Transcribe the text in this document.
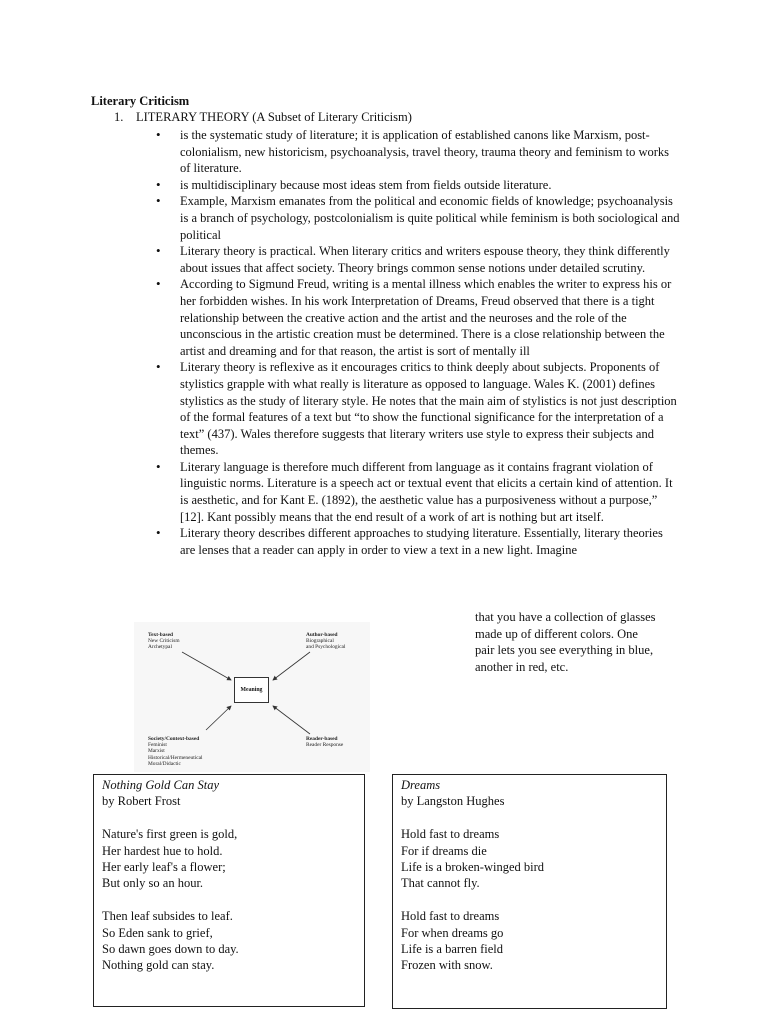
Literary Criticism
1. LITERARY THEORY (A Subset of Literary Criticism)
• is the systematic study of literature; it is application of established canons like Marxism, post- colonialism, new historicism, psychoanalysis, travel theory, trauma theory and feminism to works of literature.
• is multidisciplinary because most ideas stem from fields outside literature.
• Example, Marxism emanates from the political and economic fields of knowledge; psychoanalysis is a branch of psychology, postcolonialism is quite political while feminism is both sociological and political
• Literary theory is practical. When literary critics and writers espouse theory, they think differently about issues that affect society. Theory brings common sense notions under detailed scrutiny.
• According to Sigmund Freud, writing is a mental illness which enables the writer to express his or her forbidden wishes. In his work Interpretation of Dreams, Freud observed that there is a tight relationship between the creative action and the artist and the neuroses and the role of the unconscious in the artistic creation must be determined. There is a close relationship between the artist and dreaming and for that reason, the artist is sort of mentally ill
• Literary theory is reflexive as it encourages critics to think deeply about subjects. Proponents of stylistics grapple with what really is literature as opposed to language. Wales K. (2001) defines stylistics as the study of literary style. He notes that the main aim of stylistics is not just description of the formal features of a text but “to show the functional significance for the interpretation of a text” (437). Wales therefore suggests that literary writers use style to express their subjects and themes.
• Literary language is therefore much different from language as it contains fragrant violation of linguistic norms. Literature is a speech act or textual event that elicits a certain kind of attention. It is aesthetic, and for Kant E. (1892), the aesthetic value has a purposiveness without a purpose,” [12]. Kant possibly means that the end result of a work of art is nothing but art itself.
• Literary theory describes different approaches to studying literature. Essentially, literary theories are lenses that a reader can apply in order to view a text in a new light. Imagine
that you have a collection of glasses
made up of different colors. One
pair lets you see everything in blue,
another in red, etc.
Text-based
New Criticism
Archetypal
Author-based
Biographical
and Psychological
Meaning
Society/Context-based
Feminist
Marxist
Historical/Hermeneutical
Moral/Didactic
Reader-based
Reader Response
Nothing Gold Can Stay
by Robert Frost
Nature's first green is gold,
Her hardest hue to hold.
Her early leaf's a flower;
But only so an hour.
Then leaf subsides to leaf.
So Eden sank to grief,
So dawn goes down to day.
Nothing gold can stay.
Dreams
by Langston Hughes
Hold fast to dreams
For if dreams die
Life is a broken-winged bird
That cannot fly.
Hold fast to dreams
For when dreams go
Life is a barren field
Frozen with snow.
